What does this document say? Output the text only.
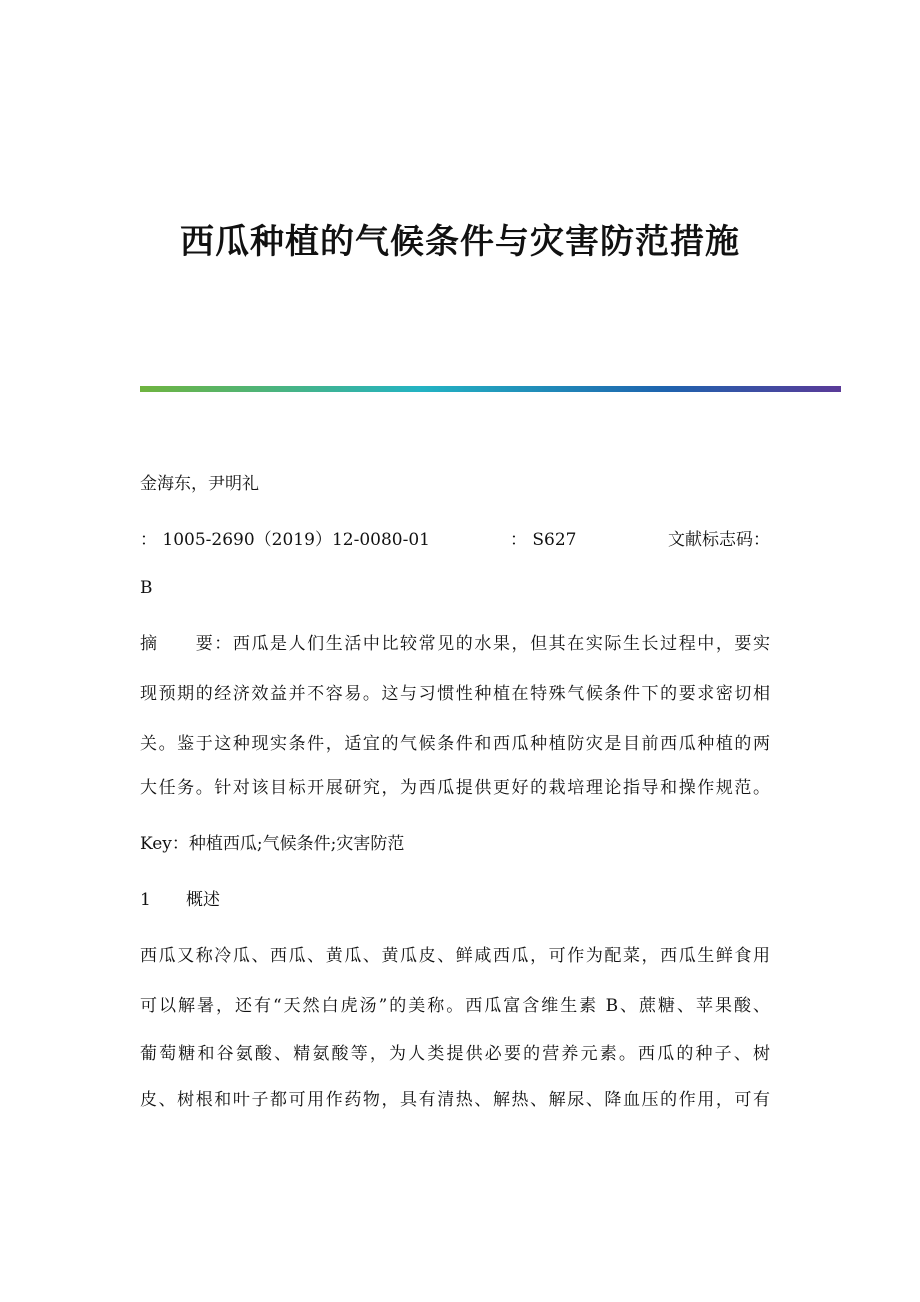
西瓜种植的气候条件与灾害防范措施
金海东，尹明礼
： 1005-2690（2019）12-0080-01	： S627	文献标志码：
B
摘　　要：西瓜是人们生活中比较常见的水果，但其在实际生长过程中，要实
现预期的经济效益并不容易。这与习惯性种植在特殊气候条件下的要求密切相
关。鉴于这种现实条件，适宜的气候条件和西瓜种植防灾是目前西瓜种植的两
大任务。针对该目标开展研究，为西瓜提供更好的栽培理论指导和操作规范。
Key：种植西瓜;气候条件;灾害防范
1 概述
西瓜又称冷瓜、西瓜、黄瓜、黄瓜皮、鲜咸西瓜，可作为配菜，西瓜生鲜食用
可以解暑，还有“天然白虎汤”的美称。西瓜富含维生素 B、蔗糖、苹果酸、
葡萄糖和谷氨酸、精氨酸等，为人类提供必要的营养元素。西瓜的种子、树
皮、树根和叶子都可用作药物，具有清热、解热、解尿、降血压的作用，可有
